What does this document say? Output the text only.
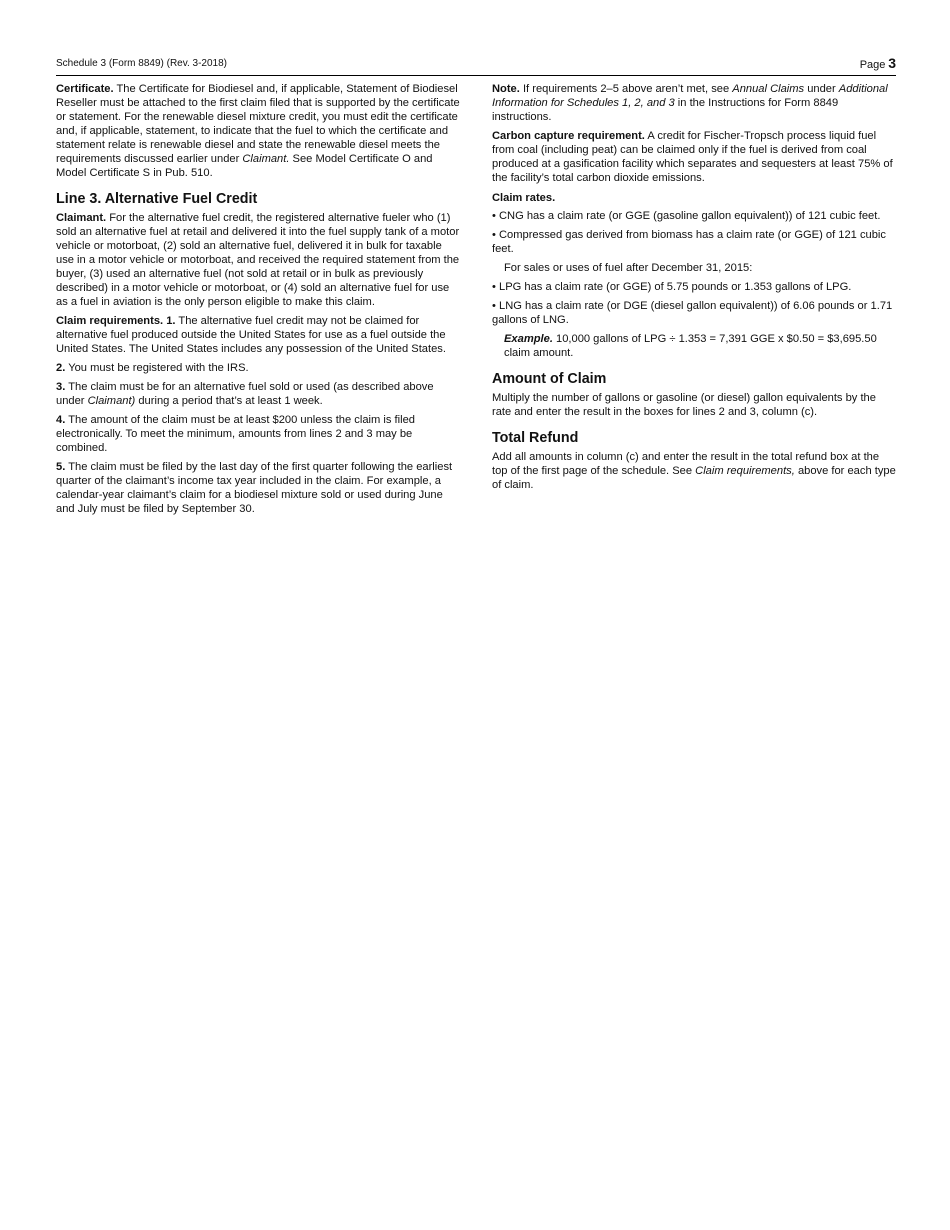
Schedule 3 (Form 8849) (Rev. 3-2018)	Page 3

Certificate. The Certificate for Biodiesel and, if applicable, Statement of Biodiesel Reseller must be attached to the first claim filed that is supported by the certificate or statement. For the renewable diesel mixture credit, you must edit the certificate and, if applicable, statement, to indicate that the fuel to which the certificate and statement relate is renewable diesel and state the renewable diesel meets the requirements discussed earlier under Claimant. See Model Certificate O and Model Certificate S in Pub. 510.

Line 3. Alternative Fuel Credit

Claimant. For the alternative fuel credit, the registered alternative fueler who (1) sold an alternative fuel at retail and delivered it into the fuel supply tank of a motor vehicle or motorboat, (2) sold an alternative fuel, delivered it in bulk for taxable use in a motor vehicle or motorboat, and received the required statement from the buyer, (3) used an alternative fuel (not sold at retail or in bulk as previously described) in a motor vehicle or motorboat, or (4) sold an alternative fuel for use as a fuel in aviation is the only person eligible to make this claim.

Claim requirements. 1. The alternative fuel credit may not be claimed for alternative fuel produced outside the United States for use as a fuel outside the United States. The United States includes any possession of the United States.

2. You must be registered with the IRS.

3. The claim must be for an alternative fuel sold or used (as described above under Claimant) during a period that’s at least 1 week.

4. The amount of the claim must be at least $200 unless the claim is filed electronically. To meet the minimum, amounts from lines 2 and 3 may be combined.

5. The claim must be filed by the last day of the first quarter following the earliest quarter of the claimant’s income tax year included in the claim. For example, a calendar-year claimant’s claim for a biodiesel mixture sold or used during June and July must be filed by September 30.

Note. If requirements 2–5 above aren’t met, see Annual Claims under Additional Information for Schedules 1, 2, and 3 in the Instructions for Form 8849 instructions.

Carbon capture requirement. A credit for Fischer-Tropsch process liquid fuel from coal (including peat) can be claimed only if the fuel is derived from coal produced at a gasification facility which separates and sequesters at least 75% of the facility’s total carbon dioxide emissions.

Claim rates.

• CNG has a claim rate (or GGE (gasoline gallon equivalent)) of 121 cubic feet.

• Compressed gas derived from biomass has a claim rate (or GGE) of 121 cubic feet.

For sales or uses of fuel after December 31, 2015:

• LPG has a claim rate (or GGE) of 5.75 pounds or 1.353 gallons of LPG.

• LNG has a claim rate (or DGE (diesel gallon equivalent)) of 6.06 pounds or 1.71 gallons of LNG.

Example. 10,000 gallons of LPG ÷ 1.353 = 7,391 GGE x $0.50 = $3,695.50 claim amount.

Amount of Claim

Multiply the number of gallons or gasoline (or diesel) gallon equivalents by the rate and enter the result in the boxes for lines 2 and 3, column (c).

Total Refund

Add all amounts in column (c) and enter the result in the total refund box at the top of the first page of the schedule. See Claim requirements, above for each type of claim.
